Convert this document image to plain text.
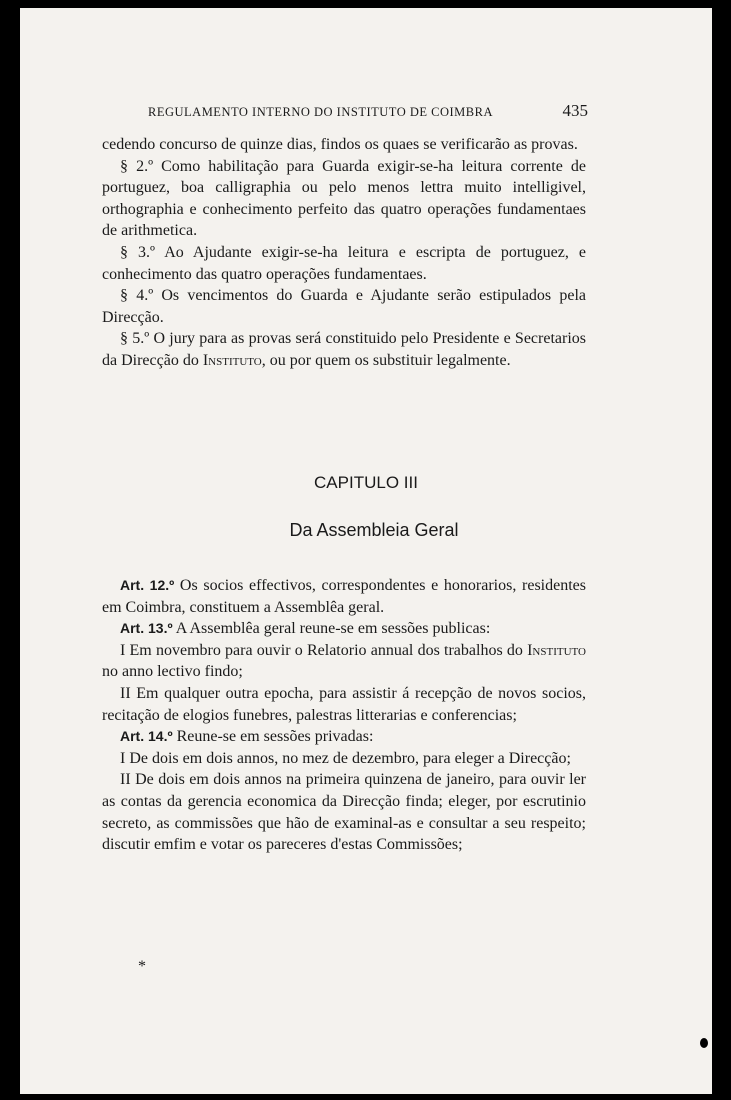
REGULAMENTO INTERNO DO INSTITUTO DE COIMBRA	435

cedendo concurso de quinze dias, findos os quaes se verificarão as provas.

§ 2.º Como habilitação para Guarda exigir-se-ha leitura corrente de portuguez, boa calligraphia ou pelo menos lettra muito intelligivel, orthographia e conhecimento perfeito das quatro operações fundamentaes de arithmetica.

§ 3.º Ao Ajudante exigir-se-ha leitura e escripta de portuguez, e conhecimento das quatro operações fundamentaes.

§ 4.º Os vencimentos do Guarda e Ajudante serão estipulados pela Direcção.

§ 5.º O jury para as provas será constituido pelo Presidente e Secretarios da Direcção do Instituto, ou por quem os substituir legalmente.

CAPITULO III
Da Assembleia Geral

Art. 12.º Os socios effectivos, correspondentes e honorarios, residentes em Coimbra, constituem a Assemblêa geral.

Art. 13.º A Assemblêa geral reune-se em sessões publicas:

I Em novembro para ouvir o Relatorio annual dos trabalhos do Instituto no anno lectivo findo;

II Em qualquer outra epocha, para assistir á recepção de novos socios, recitação de elogios funebres, palestras litterarias e conferencias;

Art. 14.º Reune-se em sessões privadas:

I De dois em dois annos, no mez de dezembro, para eleger a Direcção;

II De dois em dois annos na primeira quinzena de janeiro, para ouvir ler as contas da gerencia economica da Direcção finda; eleger, por escrutinio secreto, as commissões que hão de examinal-as e consultar a seu respeito; discutir emfim e votar os pareceres d'estas Commissões;

*
